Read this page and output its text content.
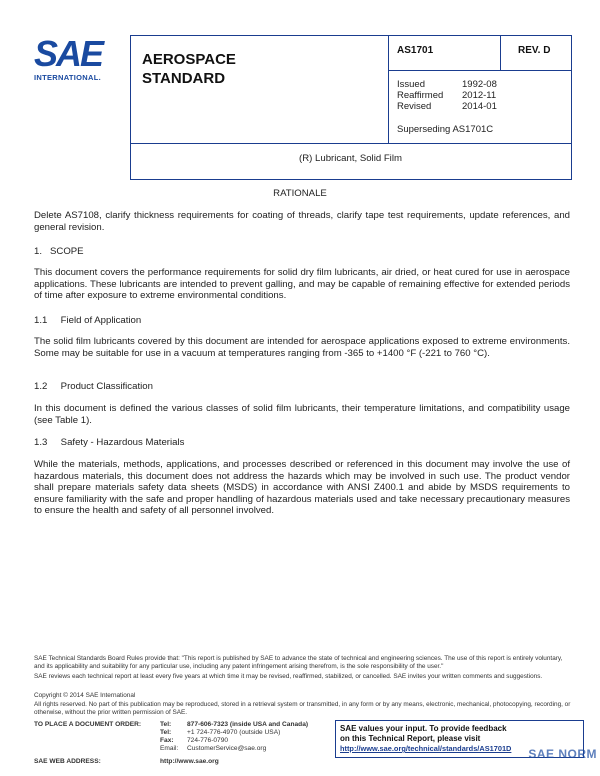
SAE
INTERNATIONAL.
AEROSPACE
STANDARD
AS1701	REV. D
Issued	1992-08
Reaffirmed 2012-11
Revised	2014-01
Superseding AS1701C
(R) Lubricant, Solid Film
RATIONALE
Delete AS7108, clarify thickness requirements for coating of threads, clarify tape test requirements, update references, and general revision.
1.   SCOPE
This document covers the performance requirements for solid dry film lubricants, air dried, or heat cured for use in aerospace applications. These lubricants are intended to prevent galling, and may be capable of remaining effective for extended periods of time after exposure to extreme environmental conditions.
1.1     Field of Application
The solid film lubricants covered by this document are intended for aerospace applications exposed to extreme environments. Some may be suitable for use in a vacuum at temperatures ranging from -365 to +1400 °F (-221 to 760 °C).
1.2     Product Classification
In this document is defined the various classes of solid film lubricants, their temperature limitations, and compatibility usage (see Table 1).
1.3     Safety - Hazardous Materials
While the materials, methods, applications, and processes described or referenced in this document may involve the use of hazardous materials, this document does not address the hazards which may be involved in such use. The product vendor shall prepare materials safety data sheets (MSDS) in accordance with ANSI Z400.1 and abide by MSDS requirements to ensure familiarity with the safe and proper handling of hazardous materials used and take necessary precautionary measures to ensure the health and safety of all personnel involved.
SAE Technical Standards Board Rules provide that: "This report is published by SAE to advance the state of technical and engineering sciences. The use of this report is entirely voluntary, and its applicability and suitability for any particular use, including any patent infringement arising therefrom, is the sole responsibility of the user."
SAE reviews each technical report at least every five years at which time it may be revised, reaffirmed, stabilized, or cancelled. SAE invites your written comments and suggestions.
Copyright © 2014 SAE International
All rights reserved. No part of this publication may be reproduced, stored in a retrieval system or transmitted, in any form or by any means, electronic, mechanical, photocopying, recording, or otherwise, without the prior written permission of SAE.
TO PLACE A DOCUMENT ORDER:	Tel: 877-606-7323 (inside USA and Canada)
Tel: +1 724-776-4970 (outside USA)
Fax: 724-776-0790
Email: CustomerService@sae.org
SAE WEB ADDRESS:	http://www.sae.org
SAE values your input. To provide feedback
on this Technical Report, please visit
http://www.sae.org/technical/standards/AS1701D	SAE NORM
